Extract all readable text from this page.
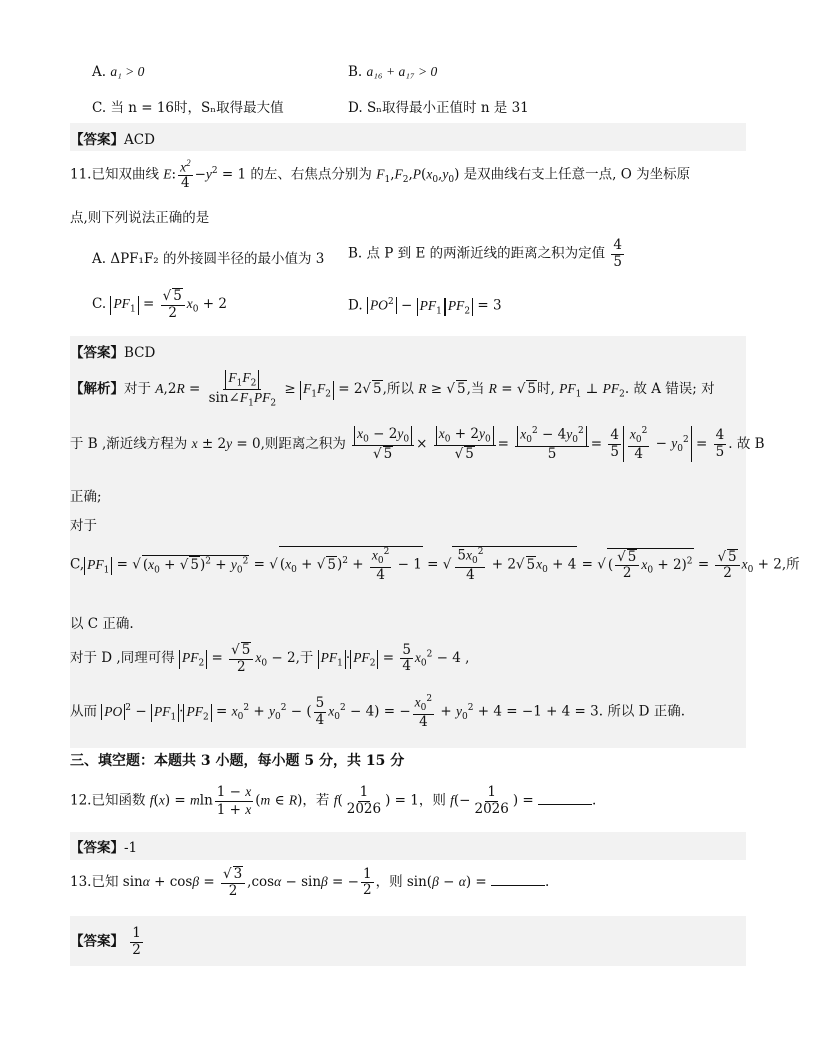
A. a₁ > 0	B. a₁₆ + a₁₇ > 0
C. 当 n = 16时，Sₙ取得最大值	D. Sₙ取得最小正值时 n 是 31
【答案】ACD
11.已知双曲线 E: $\frac{x^2}{4} -y^2 = 1$ 的左、右焦点分别为 $F_1,F_2,P(x_0,y_0)$ 是双曲线右支上任意一点, O 为坐标原
点,则下列说法正确的是
A. ΔPF₁F₂ 的外接圆半径的最小值为 3 B. 点 P 到 E 的两渐近线的距离之积为定值 $\frac{4}{5}$
C. $PF_1 = \frac{√ 5}{2} x_0 + 2$	D. $PO^2 - PF_1$ $PF_2 = 3$
【答案】BCD
【解析】对于 $A,2R = \frac{F_1F_2}{\sin\angle F_1PF_2} \ge F_1F_2 = 2√$ 5,所以 R ≥ √ 5,当 R = √ 5时, $PF_1$ ⊥ $PF_2$. 故 A 错误; 对
于 B ,渐近线方程为 x ± 2y = 0,则距离之积为 $\frac{x_0 - 2y_0}{√ 5} \times \frac{x_0 + 2y_0}{√ 5} = \frac{x_0^2 - 4y_0^2}{5} = \frac{4}{5} \frac{x_0^2}{4} - y_0^2 = \frac{4}{5}$ . 故 B
正确;
对于
C, $PF_1$ = √ ($x_0$ + √ $5)^2 + y_0^2$ = √ ($x_0$ + √ $5)^2 + \frac{x_0^2}{4} - 1$ = √ $\frac{5x_0^2}{4} + 2√$ $5x_0 + 4$ = √ ( $\frac{√ 5}{2} x_0 + 2)^2 = \frac{√ 5}{2} x_0 + 2$,所
以 C 正确.
对于 D ,同理可得 $PF_2 = \frac{√ 5}{2} x_0 - 2$,于 $PF_1 \cdot PF_2 = \frac{5}{4} x_0^2 - 4$ ,
从而 PO $^2 - PF_1 \cdot PF_2 = x_0^2 + y_0^2$ − ( $\frac{5}{4} x_0^2 - 4$) = − $\frac{x_0^2}{4} + y_0^2 + 4 = -1 + 4 = 3$. 所以 D 正确.
三、填空题：本题共 3 小题，每小题 5 分，共 15 分
12.已知函数 f(x) = mln $\frac{1 - x}{1 + x} (m$ ∈ R)，若 $f( \frac{1}{2026}$ ) = 1，则 $f(- \frac{1}{2026}$ ) =	.
【答案】-1
13.已知 $\sin\alpha + \cos\beta = \frac{√ 3}{2} ,\cos\alpha - \sin\beta$ = − $\frac{1}{2}$ ，则 sin(β − α) =	.
【答案】 $\frac{1}{2}$
